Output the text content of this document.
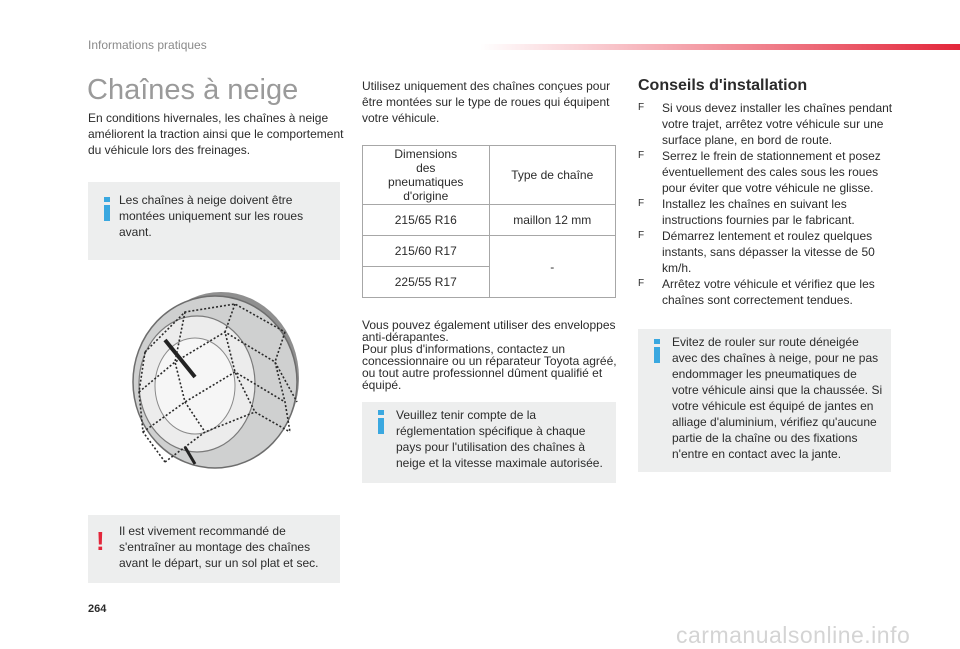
Informations pratiques
Chaînes à neige
En conditions hivernales, les chaînes à neige améliorent la traction ainsi que le comportement du véhicule lors des freinages.
Les chaînes à neige doivent être montées uniquement sur les roues avant.
! Il est vivement recommandé de s'entraîner au montage des chaînes avant le départ, sur un sol plat et sec.
Utilisez uniquement des chaînes conçues pour être montées sur le type de roues qui équipent votre véhicule.
Dimensions des pneumatiques d'origine	Type de chaîne
215/65 R16	maillon 12 mm
215/60 R17	-
225/55 R17	
Vous pouvez également utiliser des enveloppes anti-dérapantes.
Pour plus d'informations, contactez un concessionnaire ou un réparateur Toyota agréé, ou tout autre professionnel dûment qualifié et équipé.
Veuillez tenir compte de la réglementation spécifique à chaque pays pour l'utilisation des chaînes à neige et la vitesse maximale autorisée.
Conseils d'installation
F Si vous devez installer les chaînes pendant votre trajet, arrêtez votre véhicule sur une surface plane, en bord de route.
F Serrez le frein de stationnement et posez éventuellement des cales sous les roues pour éviter que votre véhicule ne glisse.
F Installez les chaînes en suivant les instructions fournies par le fabricant.
F Démarrez lentement et roulez quelques instants, sans dépasser la vitesse de 50 km/h.
F Arrêtez votre véhicule et vérifiez que les chaînes sont correctement tendues.
Evitez de rouler sur route déneigée avec des chaînes à neige, pour ne pas endommager les pneumatiques de votre véhicule ainsi que la chaussée. Si votre véhicule est équipé de jantes en alliage d'aluminium, vérifiez qu'aucune partie de la chaîne ou des fixations n'entre en contact avec la jante.
264
carmanualsonline.info
